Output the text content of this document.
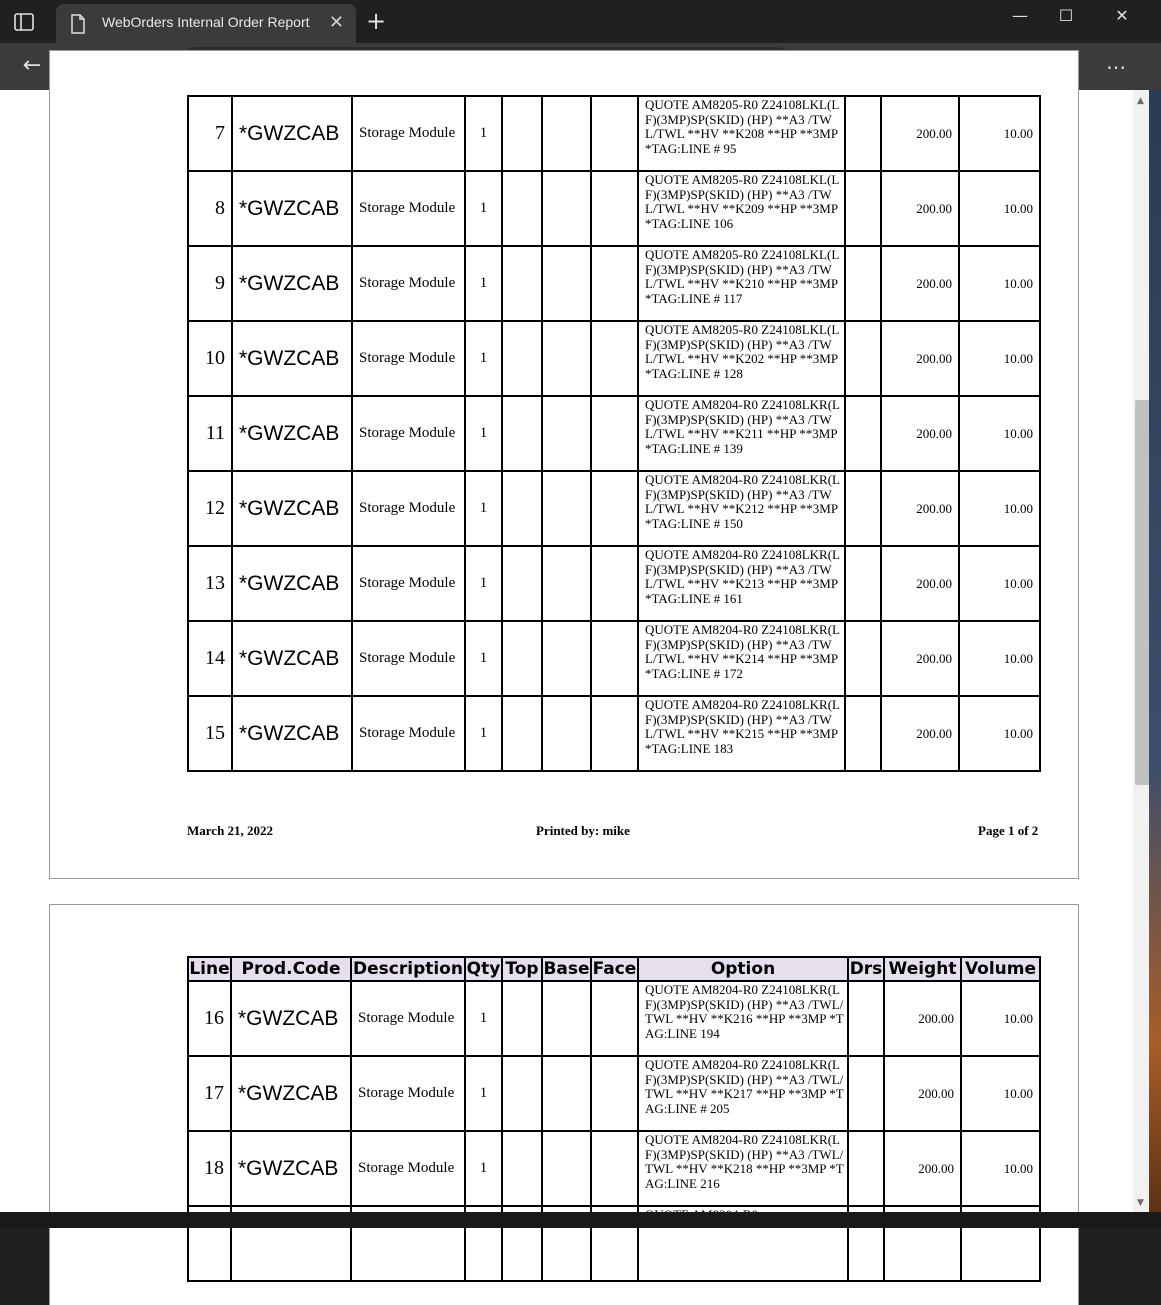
WebOrders Internal Order Report	✕ +	—	☐	✕
←	⋯
7	*GWZCAB	Storage Module	1				QUOTE AM8205-R0 Z24108LKL(LF)(3MP)SP(SKID) (HP) **A3 /TWL/TWL **HV **K208 **HP **3MP *TAG:LINE # 95		200.00	10.00
8	*GWZCAB	Storage Module	1				QUOTE AM8205-R0 Z24108LKL(LF)(3MP)SP(SKID) (HP) **A3 /TWL/TWL **HV **K209 **HP **3MP *TAG:LINE 106		200.00	10.00
9	*GWZCAB	Storage Module	1				QUOTE AM8205-R0 Z24108LKL(LF)(3MP)SP(SKID) (HP) **A3 /TWL/TWL **HV **K210 **HP **3MP *TAG:LINE # 117		200.00	10.00
10	*GWZCAB	Storage Module	1				QUOTE AM8205-R0 Z24108LKL(LF)(3MP)SP(SKID) (HP) **A3 /TWL/TWL **HV **K202 **HP **3MP *TAG:LINE # 128		200.00	10.00
11	*GWZCAB	Storage Module	1				QUOTE AM8204-R0 Z24108LKR(LF)(3MP)SP(SKID) (HP) **A3 /TWL/TWL **HV **K211 **HP **3MP *TAG:LINE # 139		200.00	10.00
12	*GWZCAB	Storage Module	1				QUOTE AM8204-R0 Z24108LKR(LF)(3MP)SP(SKID) (HP) **A3 /TWL/TWL **HV **K212 **HP **3MP *TAG:LINE # 150		200.00	10.00
13	*GWZCAB	Storage Module	1				QUOTE AM8204-R0 Z24108LKR(LF)(3MP)SP(SKID) (HP) **A3 /TWL/TWL **HV **K213 **HP **3MP *TAG:LINE # 161		200.00	10.00
14	*GWZCAB	Storage Module	1				QUOTE AM8204-R0 Z24108LKR(LF)(3MP)SP(SKID) (HP) **A3 /TWL/TWL **HV **K214 **HP **3MP *TAG:LINE # 172		200.00	10.00
15	*GWZCAB	Storage Module	1				QUOTE AM8204-R0 Z24108LKR(LF)(3MP)SP(SKID) (HP) **A3 /TWL/TWL **HV **K215 **HP **3MP *TAG:LINE 183		200.00	10.00
March 21, 2022	Printed by: mike	Page 1 of 2
Line	Prod.Code	Description	Qty	Top	Base	Face	Option	Drs	Weight	Volume
16	*GWZCAB	Storage Module	1				QUOTE AM8204-R0 Z24108LKR(LF)(3MP)SP(SKID) (HP) **A3 /TWL/TWL **HV **K216 **HP **3MP *TAG:LINE 194		200.00	10.00
17	*GWZCAB	Storage Module	1				QUOTE AM8204-R0 Z24108LKR(LF)(3MP)SP(SKID) (HP) **A3 /TWL/TWL **HV **K217 **HP **3MP *TAG:LINE # 205		200.00	10.00
18	*GWZCAB	Storage Module	1				QUOTE AM8204-R0 Z24108LKR(LF)(3MP)SP(SKID) (HP) **A3 /TWL/TWL **HV **K218 **HP **3MP *TAG:LINE 216		200.00	10.00

▲
▼
